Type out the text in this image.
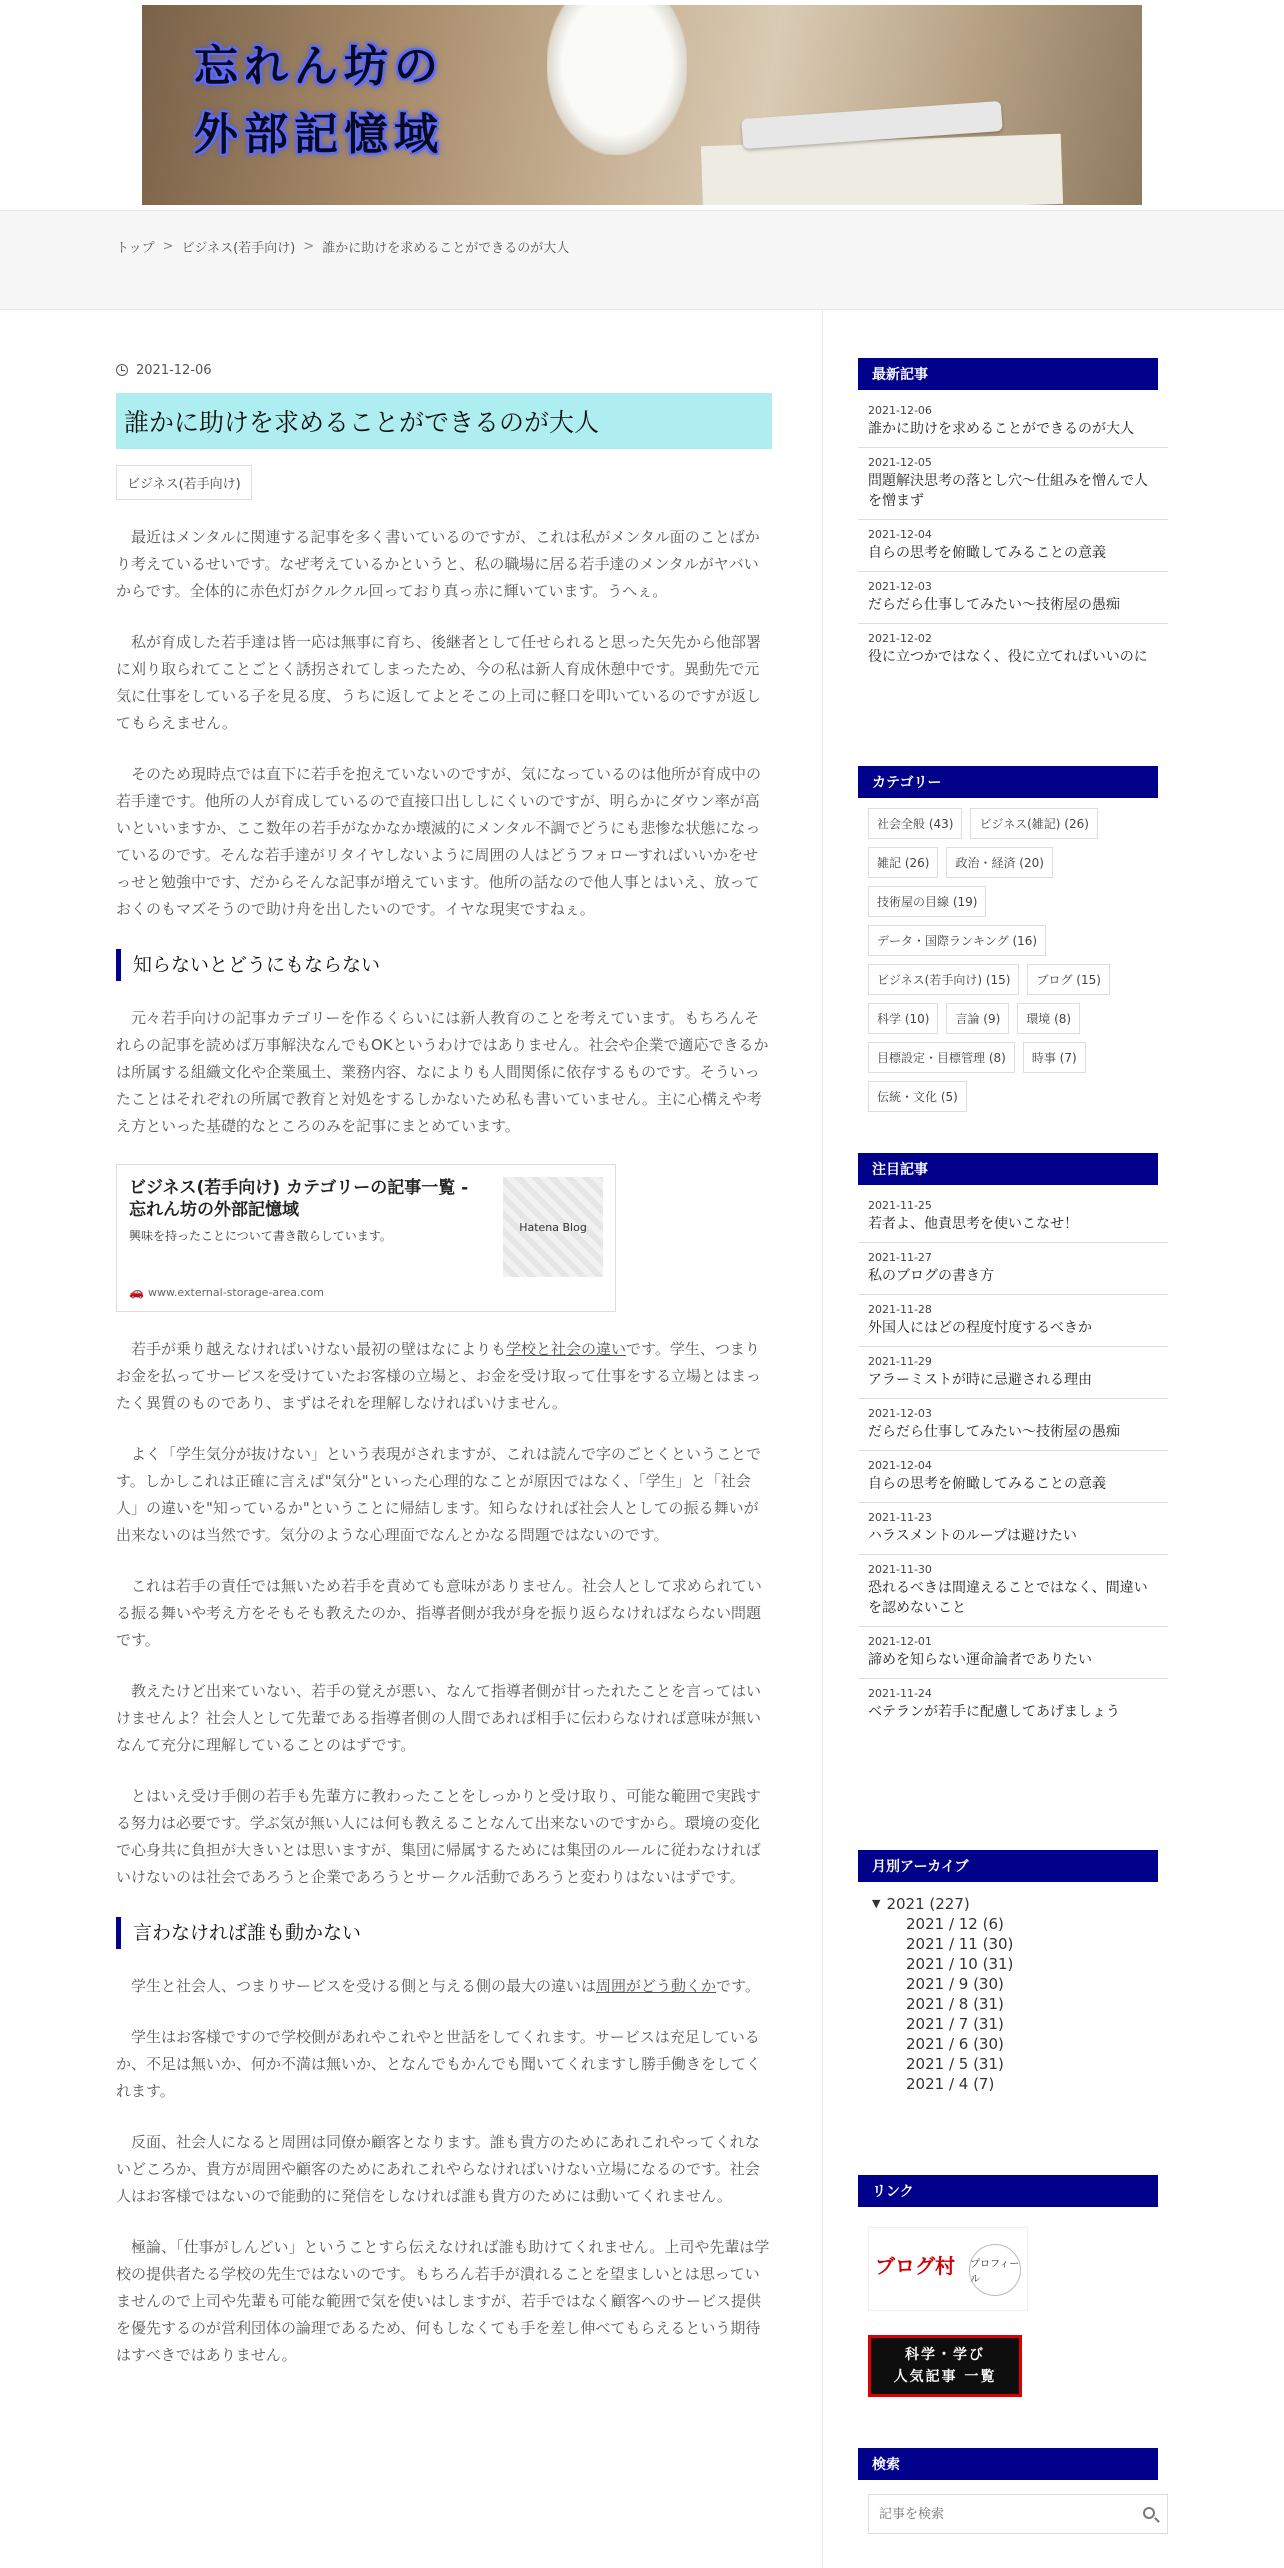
忘れん坊の
外部記憶域
トップ > ビジネス(若手向け) > 誰かに助けを求めることができるのが大人
2021-12-06
誰かに助けを求めることができるのが大人
ビジネス(若手向け)

最近はメンタルに関連する記事を多く書いているのですが、これは私がメンタル面のことばかり考えているせいです。なぜ考えているかというと、私の職場に居る若手達のメンタルがヤバいからです。全体的に赤色灯がクルクル回っており真っ赤に輝いています。うへぇ。

私が育成した若手達は皆一応は無事に育ち、後継者として任せられると思った矢先から他部署に刈り取られてことごとく誘拐されてしまったため、今の私は新人育成休憩中です。異動先で元気に仕事をしている子を見る度、うちに返してよとそこの上司に軽口を叩いているのですが返してもらえません。

そのため現時点では直下に若手を抱えていないのですが、気になっているのは他所が育成中の若手達です。他所の人が育成しているので直接口出ししにくいのですが、明らかにダウン率が高いといいますか、ここ数年の若手がなかなか壊滅的にメンタル不調でどうにも悲惨な状態になっているのです。そんな若手達がリタイヤしないように周囲の人はどうフォローすればいいかをせっせと勉強中です、だからそんな記事が増えています。他所の話なので他人事とはいえ、放っておくのもマズそうので助け舟を出したいのです。イヤな現実ですねぇ。

知らないとどうにもならない

元々若手向けの記事カテゴリーを作るくらいには新人教育のことを考えています。もちろんそれらの記事を読めば万事解決なんでもOKというわけではありません。社会や企業で適応できるかは所属する組織文化や企業風土、業務内容、なによりも人間関係に依存するものです。そういったことはそれぞれの所属で教育と対処をするしかないため私も書いていません。主に心構えや考え方といった基礎的なところのみを記事にまとめています。

ビジネス(若手向け) カテゴリーの記事一覧 - 忘れん坊の外部記憶域
興味を持ったことについて書き散らしています。
Hatena Blog
🚗 www.external-storage-area.com

若手が乗り越えなければいけない最初の壁はなによりも学校と社会の違いです。学生、つまりお金を払ってサービスを受けていたお客様の立場と、お金を受け取って仕事をする立場とはまったく異質のものであり、まずはそれを理解しなければいけません。

よく「学生気分が抜けない」という表現がされますが、これは読んで字のごとくということです。しかしこれは正確に言えば"気分"といった心理的なことが原因ではなく、「学生」と「社会人」の違いを"知っているか"ということに帰結します。知らなければ社会人としての振る舞いが出来ないのは当然です。気分のような心理面でなんとかなる問題ではないのです。

これは若手の責任では無いため若手を責めても意味がありません。社会人として求められている振る舞いや考え方をそもそも教えたのか、指導者側が我が身を振り返らなければならない問題です。

教えたけど出来ていない、若手の覚えが悪い、なんて指導者側が甘ったれたことを言ってはいけませんよ？社会人として先輩である指導者側の人間であれば相手に伝わらなければ意味が無いなんて充分に理解していることのはずです。

とはいえ受け手側の若手も先輩方に教わったことをしっかりと受け取り、可能な範囲で実践する努力は必要です。学ぶ気が無い人には何も教えることなんて出来ないのですから。環境の変化で心身共に負担が大きいとは思いますが、集団に帰属するためには集団のルールに従わなければいけないのは社会であろうと企業であろうとサークル活動であろうと変わりはないはずです。

言わなければ誰も動かない

学生と社会人、つまりサービスを受ける側と与える側の最大の違いは周囲がどう動くかです。

学生はお客様ですので学校側があれやこれやと世話をしてくれます。サービスは充足しているか、不足は無いか、何か不満は無いか、となんでもかんでも聞いてくれますし勝手働きをしてくれます。

反面、社会人になると周囲は同僚か顧客となります。誰も貴方のためにあれこれやってくれないどころか、貴方が周囲や顧客のためにあれこれやらなければいけない立場になるのです。社会人はお客様ではないので能動的に発信をしなければ誰も貴方のためには動いてくれません。

極論、「仕事がしんどい」ということすら伝えなければ誰も助けてくれません。上司や先輩は学校の提供者たる学校の先生ではないのです。もちろん若手が潰れることを望ましいとは思っていませんので上司や先輩も可能な範囲で気を使いはしますが、若手ではなく顧客へのサービス提供を優先するのが営利団体の論理であるため、何もしなくても手を差し伸べてもらえるという期待はすべきではありません。

最新記事
2021-12-06
誰かに助けを求めることができるのが大人
2021-12-05
問題解決思考の落とし穴～仕組みを憎んで人を憎まず
2021-12-04
自らの思考を俯瞰してみることの意義
2021-12-03
だらだら仕事してみたい～技術屋の愚痴
2021-12-02
役に立つかではなく、役に立てればいいのに
カテゴリー
社会全般 (43)	ビジネス(雑記) (26)
雑記 (26)	政治・経済 (20)
技術屋の目線 (19)
データ・国際ランキング (16)
ビジネス(若手向け) (15)	ブログ (15)
科学 (10)	言論 (9)	環境 (8)
目標設定・目標管理 (8)	時事 (7)
伝統・文化 (5)
注目記事
2021-11-25
若者よ、他責思考を使いこなせ！
2021-11-27
私のブログの書き方
2021-11-28
外国人にはどの程度忖度するべきか
2021-11-29
アラーミストが時に忌避される理由
2021-12-03
だらだら仕事してみたい～技術屋の愚痴
2021-12-04
自らの思考を俯瞰してみることの意義
2021-11-23
ハラスメントのループは避けたい
2021-11-30
恐れるべきは間違えることではなく、間違いを認めないこと
2021-12-01
諦めを知らない運命論者でありたい
2021-11-24
ベテランが若手に配慮してあげましょう
月別アーカイブ
▼ 2021 (227)
2021 / 12 (6)
2021 / 11 (30)
2021 / 10 (31)
2021 / 9 (30)
2021 / 8 (31)
2021 / 7 (31)
2021 / 6 (30)
2021 / 5 (31)
2021 / 4 (7)
リンク
ブログ村 プロフィール
科学・学び
人気記事 一覧
検索
記事を検索
